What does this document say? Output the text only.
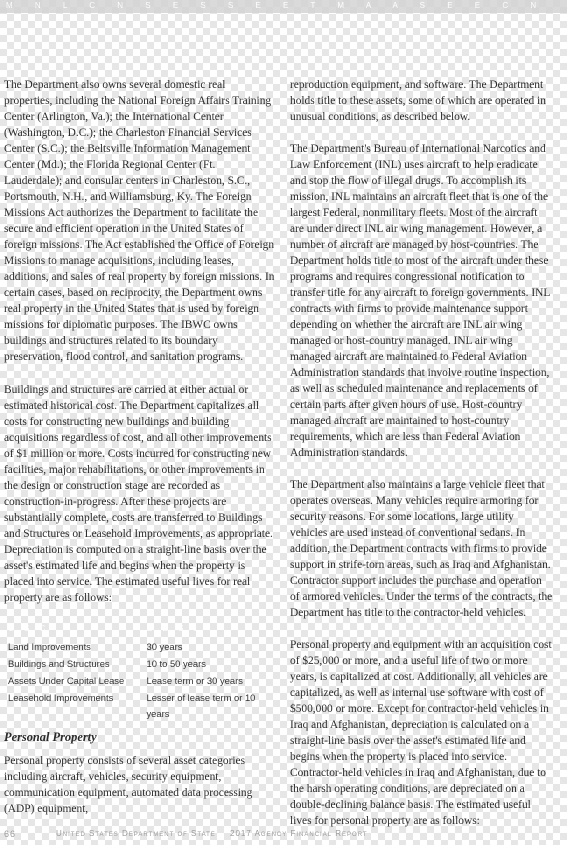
M N L C N S E S S E E T M A A S E E C N

The Department also owns several domestic real properties, including the National Foreign Affairs Training Center (Arlington, Va.); the International Center (Washington, D.C.); the Charleston Financial Services Center (S.C.); the Beltsville Information Management Center (Md.); the Florida Regional Center (Ft. Lauderdale); and consular centers in Charleston, S.C., Portsmouth, N.H., and Williamsburg, Ky. The Foreign Missions Act authorizes the Department to facilitate the secure and efficient operation in the United States of foreign missions. The Act established the Office of Foreign Missions to manage acquisitions, including leases, additions, and sales of real property by foreign missions. In certain cases, based on reciprocity, the Department owns real property in the United States that is used by foreign missions for diplomatic purposes. The IBWC owns buildings and structures related to its boundary preservation, flood control, and sanitation programs.

Buildings and structures are carried at either actual or estimated historical cost. The Department capitalizes all costs for constructing new buildings and building acquisitions regardless of cost, and all other improvements of $1 million or more. Costs incurred for constructing new facilities, major rehabilitations, or other improvements in the design or construction stage are recorded as construction-in-progress. After these projects are substantially complete, costs are transferred to Buildings and Structures or Leasehold Improvements, as appropriate. Depreciation is computed on a straight-line basis over the asset's estimated life and begins when the property is placed into service. The estimated useful lives for real property are as follows:

C S C	E E S L
Land Improvements	30 years
Buildings and Structures	10 to 50 years
Assets Under Capital Lease	Lease term or 30 years
Leasehold Improvements	Lesser of lease term or 10 years
Personal Property

Personal property consists of several asset categories including aircraft, vehicles, security equipment, communication equipment, automated data processing (ADP) equipment,

reproduction equipment, and software. The Department holds title to these assets, some of which are operated in unusual conditions, as described below.

The Department's Bureau of International Narcotics and Law Enforcement (INL) uses aircraft to help eradicate and stop the flow of illegal drugs. To accomplish its mission, INL maintains an aircraft fleet that is one of the largest Federal, nonmilitary fleets. Most of the aircraft are under direct INL air wing management. However, a number of aircraft are managed by host-countries. The Department holds title to most of the aircraft under these programs and requires congressional notification to transfer title for any aircraft to foreign governments. INL contracts with firms to provide maintenance support depending on whether the aircraft are INL air wing managed or host-country managed. INL air wing managed aircraft are maintained to Federal Aviation Administration standards that involve routine inspection, as well as scheduled maintenance and replacements of certain parts after given hours of use. Host-country managed aircraft are maintained to host-country requirements, which are less than Federal Aviation Administration standards.

The Department also maintains a large vehicle fleet that operates overseas. Many vehicles require armoring for security reasons. For some locations, large utility vehicles are used instead of conventional sedans. In addition, the Department contracts with firms to provide support in strife-torn areas, such as Iraq and Afghanistan. Contractor support includes the purchase and operation of armored vehicles. Under the terms of the contracts, the Department has title to the contractor-held vehicles.

Personal property and equipment with an acquisition cost of $25,000 or more, and a useful life of two or more years, is capitalized at cost. Additionally, all vehicles are capitalized, as well as internal use software with cost of $500,000 or more. Except for contractor-held vehicles in Iraq and Afghanistan, depreciation is calculated on a straight-line basis over the asset's estimated life and begins when the property is placed into service. Contractor-held vehicles in Iraq and Afghanistan, due to the harsh operating conditions, are depreciated on a double-declining balance basis. The estimated useful lives for personal property are as follows:

66	United States Department of State 2017 Agency Financial Report
